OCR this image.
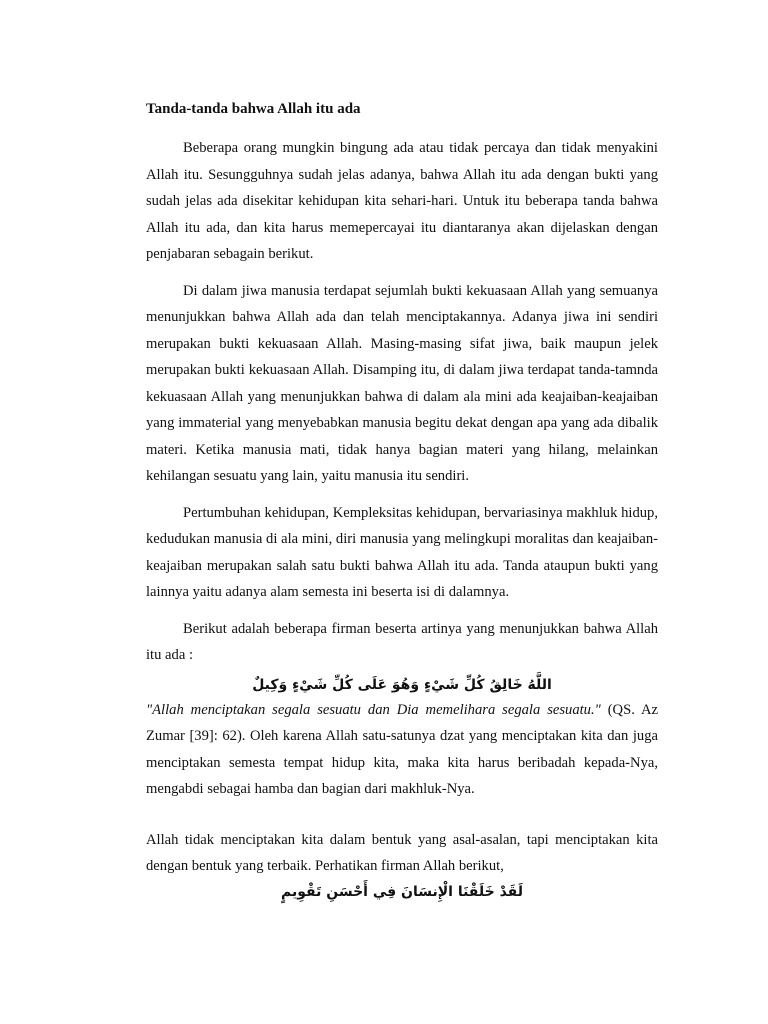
Tanda-tanda bahwa Allah itu ada

Beberapa orang mungkin bingung ada atau tidak percaya dan tidak menyakini Allah itu. Sesungguhnya sudah jelas adanya, bahwa Allah itu ada dengan bukti yang sudah jelas ada disekitar kehidupan kita sehari-hari. Untuk itu beberapa tanda bahwa Allah itu ada, dan kita harus memepercayai itu diantaranya akan dijelaskan dengan penjabaran sebagain berikut.

Di dalam jiwa manusia terdapat sejumlah bukti kekuasaan Allah yang semuanya menunjukkan bahwa Allah ada dan telah menciptakannya. Adanya jiwa ini sendiri merupakan bukti kekuasaan Allah. Masing-masing sifat jiwa, baik maupun jelek merupakan bukti kekuasaan Allah. Disamping itu, di dalam jiwa terdapat tanda-tamnda kekuasaan Allah yang menunjukkan bahwa di dalam ala mini ada keajaiban-keajaiban yang immaterial yang menyebabkan manusia begitu dekat dengan apa yang ada dibalik materi. Ketika manusia mati, tidak hanya bagian materi yang hilang, melainkan kehilangan sesuatu yang lain, yaitu manusia itu sendiri.

Pertumbuhan kehidupan, Kempleksitas kehidupan, bervariasinya makhluk hidup, kedudukan manusia di ala mini, diri manusia yang melingkupi moralitas dan keajaiban-keajaiban merupakan salah satu bukti bahwa Allah itu ada. Tanda ataupun bukti yang lainnya yaitu adanya alam semesta ini beserta isi di dalamnya.

Berikut adalah beberapa firman beserta artinya yang menunjukkan bahwa Allah itu ada :

اللَّهُ خَالِقُ كُلِّ شَيْءٍ وَهُوَ عَلَى كُلِّ شَيْءٍ وَكِيلٌ

"Allah menciptakan segala sesuatu dan Dia memelihara segala sesuatu." (QS. Az Zumar [39]: 62). Oleh karena Allah satu-satunya dzat yang menciptakan kita dan juga menciptakan semesta tempat hidup kita, maka kita harus beribadah kepada-Nya, mengabdi sebagai hamba dan bagian dari makhluk-Nya.

Allah tidak menciptakan kita dalam bentuk yang asal-asalan, tapi menciptakan kita dengan bentuk yang terbaik. Perhatikan firman Allah berikut,

لَقَدْ خَلَقْنَا الْإِنسَانَ فِي أَحْسَنِ تَقْوِيمٍ
